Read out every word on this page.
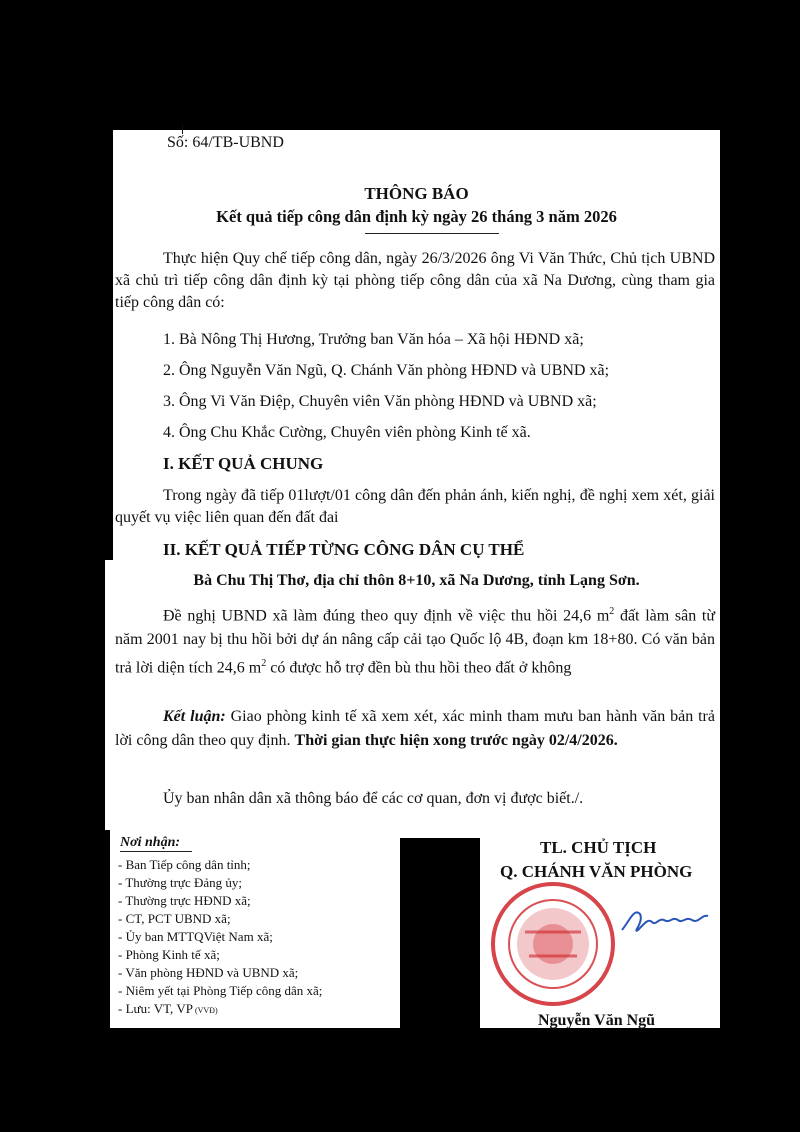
Số: 64/TB-UBND
THÔNG BÁO
Kết quả tiếp công dân định kỳ ngày 26 tháng 3 năm 2026

Thực hiện Quy chế tiếp công dân, ngày 26/3/2026 ông Vi Văn Thức, Chủ tịch UBND xã chủ trì tiếp công dân định kỳ tại phòng tiếp công dân của xã Na Dương, cùng tham gia tiếp công dân có:

1. Bà Nông Thị Hương, Trưởng ban Văn hóa – Xã hội HĐND xã;
2. Ông Nguyễn Văn Ngũ, Q. Chánh Văn phòng HĐND và UBND xã;
3. Ông Vi Văn Điệp, Chuyên viên Văn phòng HĐND và UBND xã;
4. Ông Chu Khắc Cường, Chuyên viên phòng Kinh tế xã.
I. KẾT QUẢ CHUNG

Trong ngày đã tiếp 01lượt/01 công dân đến phản ánh, kiến nghị, đề nghị xem xét, giải quyết vụ việc liên quan đến đất đai

II. KẾT QUẢ TIẾP TỪNG CÔNG DÂN CỤ THỂ
Bà Chu Thị Thơ, địa chỉ thôn 8+10, xã Na Dương, tỉnh Lạng Sơn.

Đề nghị UBND xã làm đúng theo quy định về việc thu hồi 24,6 $m^2$ đất làm sân từ năm 2001 nay bị thu hồi bởi dự án nâng cấp cải tạo Quốc lộ 4B, đoạn km 18+80. Có văn bản trả lời diện tích 24,6 $m^2$ có được hỗ trợ đền bù thu hồi theo đất ở không

Kết luận: Giao phòng kinh tế xã xem xét, xác minh tham mưu ban hành văn bản trả lời công dân theo quy định. Thời gian thực hiện xong trước ngày 02/4/2026.

Ủy ban nhân dân xã thông báo để các cơ quan, đơn vị được biết./.

Nơi nhận:
- Ban Tiếp công dân tỉnh;
- Thường trực Đảng ủy;
- Thường trực HĐND xã;
- CT, PCT UBND xã;
- Ủy ban MTTQViệt Nam xã;
- Phòng Kinh tế xã;
- Văn phòng HĐND và UBND xã;
- Niêm yết tại Phòng Tiếp công dân xã;
- Lưu: VT, VP (VVĐ)
TL. CHỦ TỊCH
Q. CHÁNH VĂN PHÒNG
Nguyễn Văn Ngũ
